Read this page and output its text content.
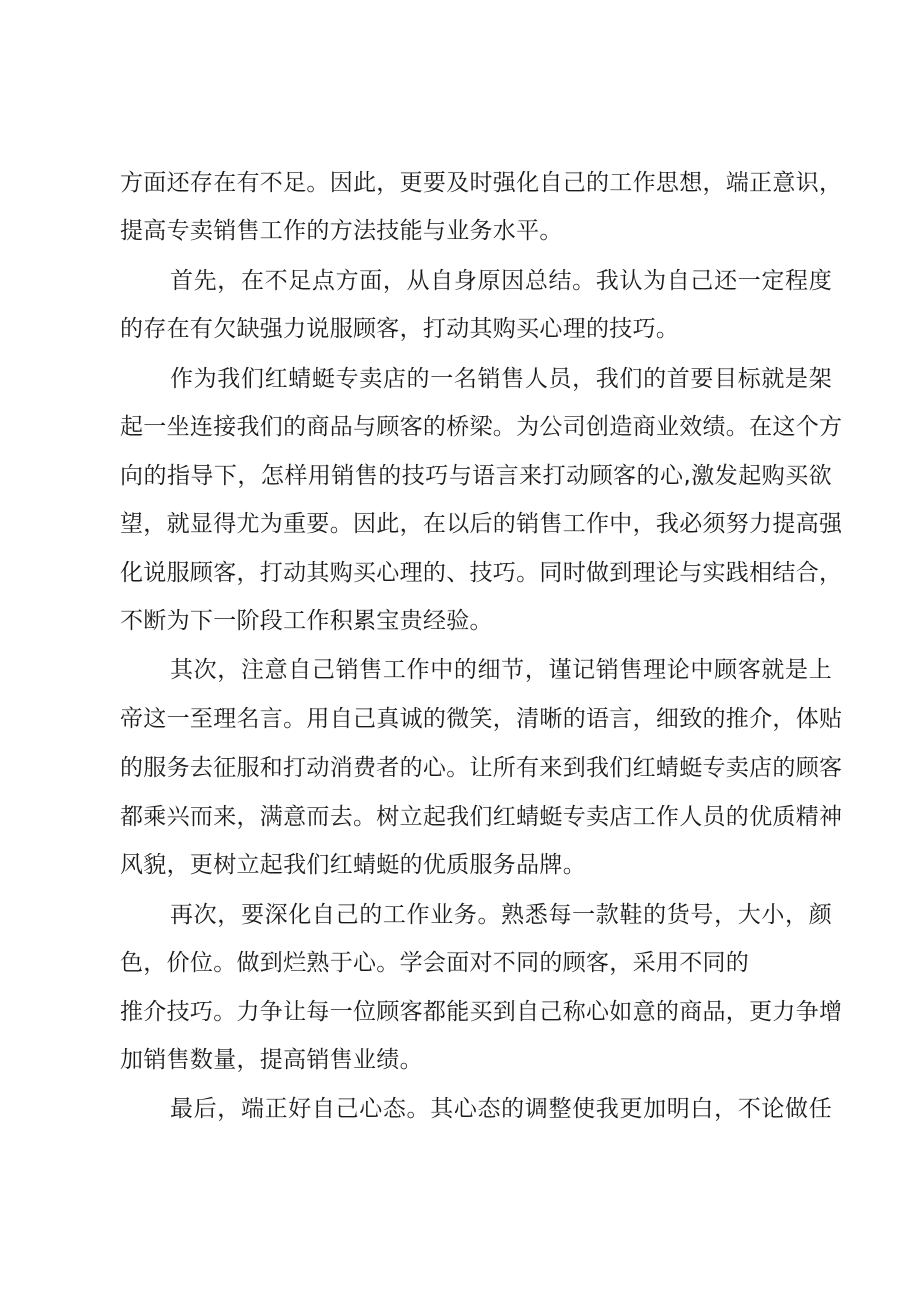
方面还存在有不足。因此，更要及时强化自己的工作思想，端正意识，
提高专卖销售工作的方法技能与业务水平。
首先，在不足点方面，从自身原因总结。我认为自己还一定程度
的存在有欠缺强力说服顾客，打动其购买心理的技巧。
作为我们红蜻蜓专卖店的一名销售人员，我们的首要目标就是架
起一坐连接我们的商品与顾客的桥梁。为公司创造商业效绩。在这个方
向的指导下，怎样用销售的技巧与语言来打动顾客的心,激发起购买欲
望，就显得尤为重要。因此，在以后的销售工作中，我必须努力提高强
化说服顾客，打动其购买心理的、技巧。同时做到理论与实践相结合，
不断为下一阶段工作积累宝贵经验。
其次，注意自己销售工作中的细节，谨记销售理论中顾客就是上
帝这一至理名言。用自己真诚的微笑，清晰的语言，细致的推介，体贴
的服务去征服和打动消费者的心。让所有来到我们红蜻蜓专卖店的顾客
都乘兴而来，满意而去。树立起我们红蜻蜓专卖店工作人员的优质精神
风貌，更树立起我们红蜻蜓的优质服务品牌。
再次，要深化自己的工作业务。熟悉每一款鞋的货号，大小，颜
色，价位。做到烂熟于心。学会面对不同的顾客，采用不同的
推介技巧。力争让每一位顾客都能买到自己称心如意的商品，更力争增
加销售数量，提高销售业绩。
最后，端正好自己心态。其心态的调整使我更加明白，不论做任
